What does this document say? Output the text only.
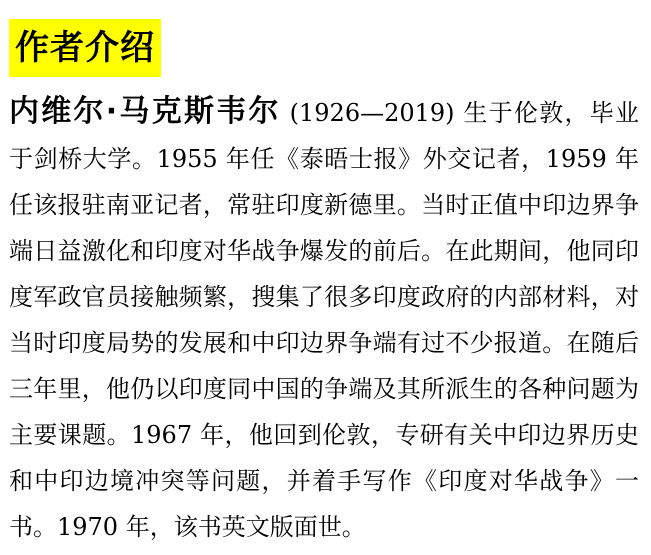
作者介绍

内维尔·马克斯韦尔 (1926—2019) 生于伦敦，毕业于剑桥大学。1955 年任《泰晤士报》外交记者，1959 年任该报驻南亚记者，常驻印度新德里。当时正值中印边界争端日益激化和印度对华战争爆发的前后。在此期间，他同印度军政官员接触频繁，搜集了很多印度政府的内部材料，对当时印度局势的发展和中印边界争端有过不少报道。在随后三年里，他仍以印度同中国的争端及其所派生的各种问题为主要课题。1967 年，他回到伦敦，专研有关中印边界历史和中印边境冲突等问题，并着手写作《印度对华战争》一书。1970 年，该书英文版面世。
